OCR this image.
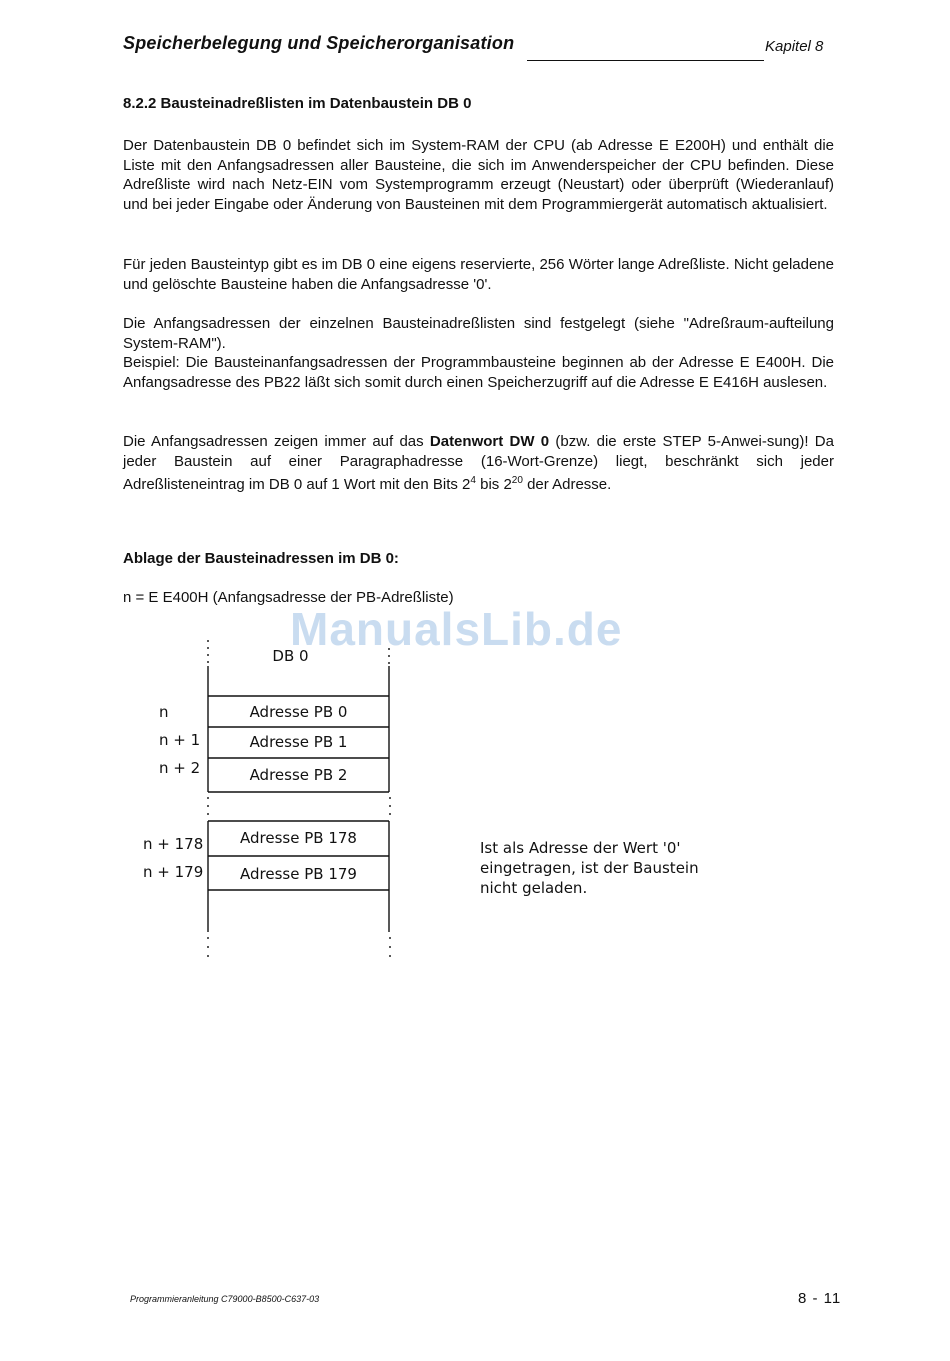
Speicherbelegung und Speicherorganisation	Kapitel 8
8.2.2 Bausteinadreßlisten im Datenbaustein DB 0

Der Datenbaustein DB 0 befindet sich im System-RAM der CPU (ab Adresse E E200H) und enthält die Liste mit den Anfangsadressen aller Bausteine, die sich im Anwenderspeicher der CPU befinden. Diese Adreßliste wird nach Netz-EIN vom Systemprogramm erzeugt (Neustart) oder überprüft (Wiederanlauf) und bei jeder Eingabe oder Änderung von Bausteinen mit dem Programmiergerät automatisch aktualisiert.

Für jeden Bausteintyp gibt es im DB 0 eine eigens reservierte, 256 Wörter lange Adreßliste. Nicht geladene und gelöschte Bausteine haben die Anfangsadresse '0'.

Die Anfangsadressen der einzelnen Bausteinadreßlisten sind festgelegt (siehe "Adreßraum-aufteilung System-RAM").

Beispiel: Die Bausteinanfangsadressen der Programmbausteine beginnen ab der Adresse E E400H. Die Anfangsadresse des PB22 läßt sich somit durch einen Speicherzugriff auf die Adresse E E416H auslesen.

Die Anfangsadressen zeigen immer auf das Datenwort DW 0 (bzw. die erste STEP 5-Anwei-sung)! Da jeder Baustein auf einer Paragraphadresse (16-Wort-Grenze) liegt, beschränkt sich jeder Adreßlisteneintrag im DB 0 auf 1 Wort mit den Bits $2^4$ bis $2^{20}$ der Adresse.

Ablage der Bausteinadressen im DB 0:
n = E E400H (Anfangsadresse der PB-Adreßliste)
ManualsLib.de
DB 0
Adresse PB 0
Adresse PB 1
Adresse PB 2
Adresse PB 178
Adresse PB 179
n
n + 1
n + 2
n + 178
n + 179

Ist als Adresse der Wert '0'

eingetragen, ist der Baustein

nicht geladen.

Programmieranleitung C79000-B8500-C637-03	8 - 11
